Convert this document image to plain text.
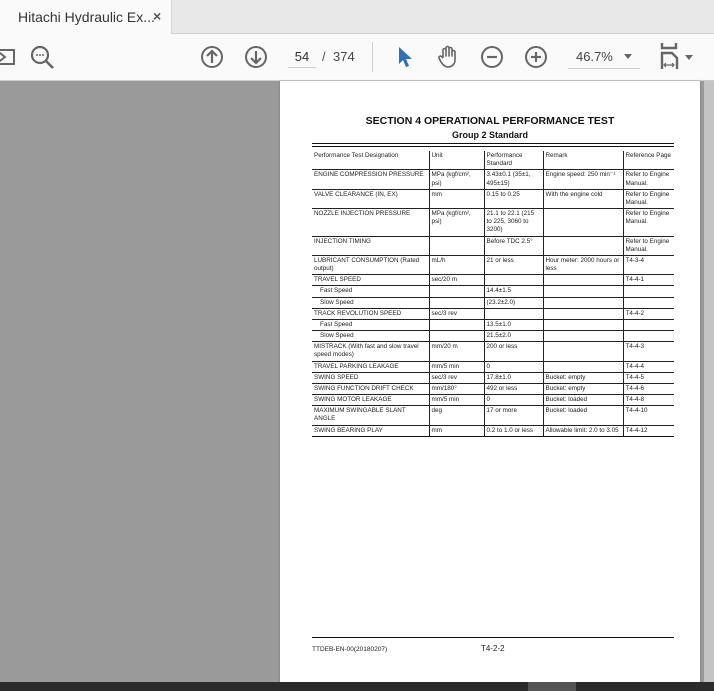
Hitachi Hydraulic Ex...
×
54
/ 374	46.7%
SECTION 4 OPERATIONAL PERFORMANCE TEST
Group 2 Standard
Performance Test Designation	Unit	Performance Standard	Remark	Reference Page
ENGINE COMPRESSION PRESSURE	MPa (kgf/cm², psi)	3.43±0.1 (35±1, 495±15)	Engine speed: 250 min⁻¹	Refer to Engine Manual.
VALVE CLEARANCE (IN, EX)	mm	0.15 to 0.25	With the engine cold	Refer to Engine Manual.
NOZZLE INJECTION PRESSURE	MPa (kgf/cm², psi)	21.1 to 22.1 (215 to 225, 3060 to 3200)		Refer to Engine Manual.
INJECTION TIMING		Before TDC 2.5°		Refer to Engine Manual.
LUBRICANT CONSUMPTION (Rated output)	mL/h	21 or less	Hour meter: 2000 hours or less	T4-3-4
TRAVEL SPEED	sec/20 m			T4-4-1
Fast Speed		14.4±1.5		
Slow Speed		(23.2±2.0)		
TRACK REVOLUTION SPEED	sec/3 rev			T4-4-2
Fast Speed		13.5±1.0		
Slow Speed		21.5±2.0		
MISTRACK (With fast and slow travel speed modes)	mm/20 m	200 or less		T4-4-3
TRAVEL PARKING LEAKAGE	mm/5 min	0		T4-4-4
SWING SPEED	sec/3 rev	17.8±1.0	Bucket: empty	T4-4-5
SWING FUNCTION DRIFT CHECK	mm/180°	492 or less	Bucket: empty	T4-4-6
SWING MOTOR LEAKAGE	mm/5 min	0	Bucket: loaded	T4-4-8
MAXIMUM SWINGABLE SLANT ANGLE	deg	17 or more	Bucket: loaded	T4-4-10
SWING BEARING PLAY	mm	0.2 to 1.0 or less	Allowable limit: 2.0 to 3.05	T4-4-12
TTDEB-EN-00(20180207)	T4-2-2
